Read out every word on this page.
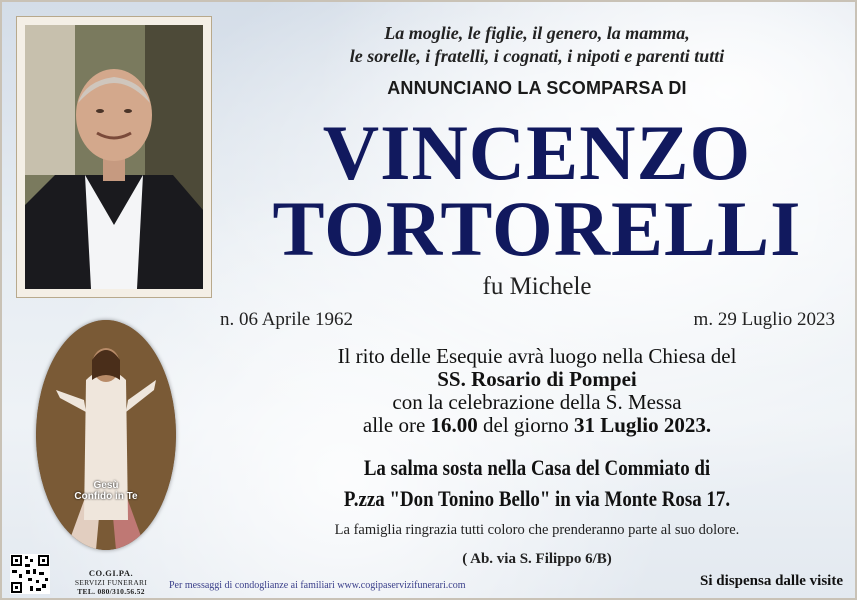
La moglie, le figlie, il genero, la mamma,
le sorelle, i fratelli, i cognati, i nipoti e parenti tutti
ANNUNCIANO LA SCOMPARSA DI
VINCENZO
TORTORELLI
fu Michele
n. 06 Aprile 1962	m. 29 Luglio 2023
Il rito delle Esequie avrà luogo nella Chiesa del
SS. Rosario di Pompei
con la celebrazione della S. Messa
alle ore 16.00 del giorno 31 Luglio 2023.
La salma sosta nella Casa del Commiato di
P.zza "Don Tonino Bello" in via Monte Rosa 17.
La famiglia ringrazia tutti coloro che prenderanno parte al suo dolore.
( Ab. via S. Filippo 6/B)
Gesù
Confido in Te
CO.GI.PA.
SERVIZI FUNERARI
TEL. 080/310.56.52
Per messaggi di condoglianze ai familiari www.cogipaservizifunerari.com	Si dispensa dalle visite
